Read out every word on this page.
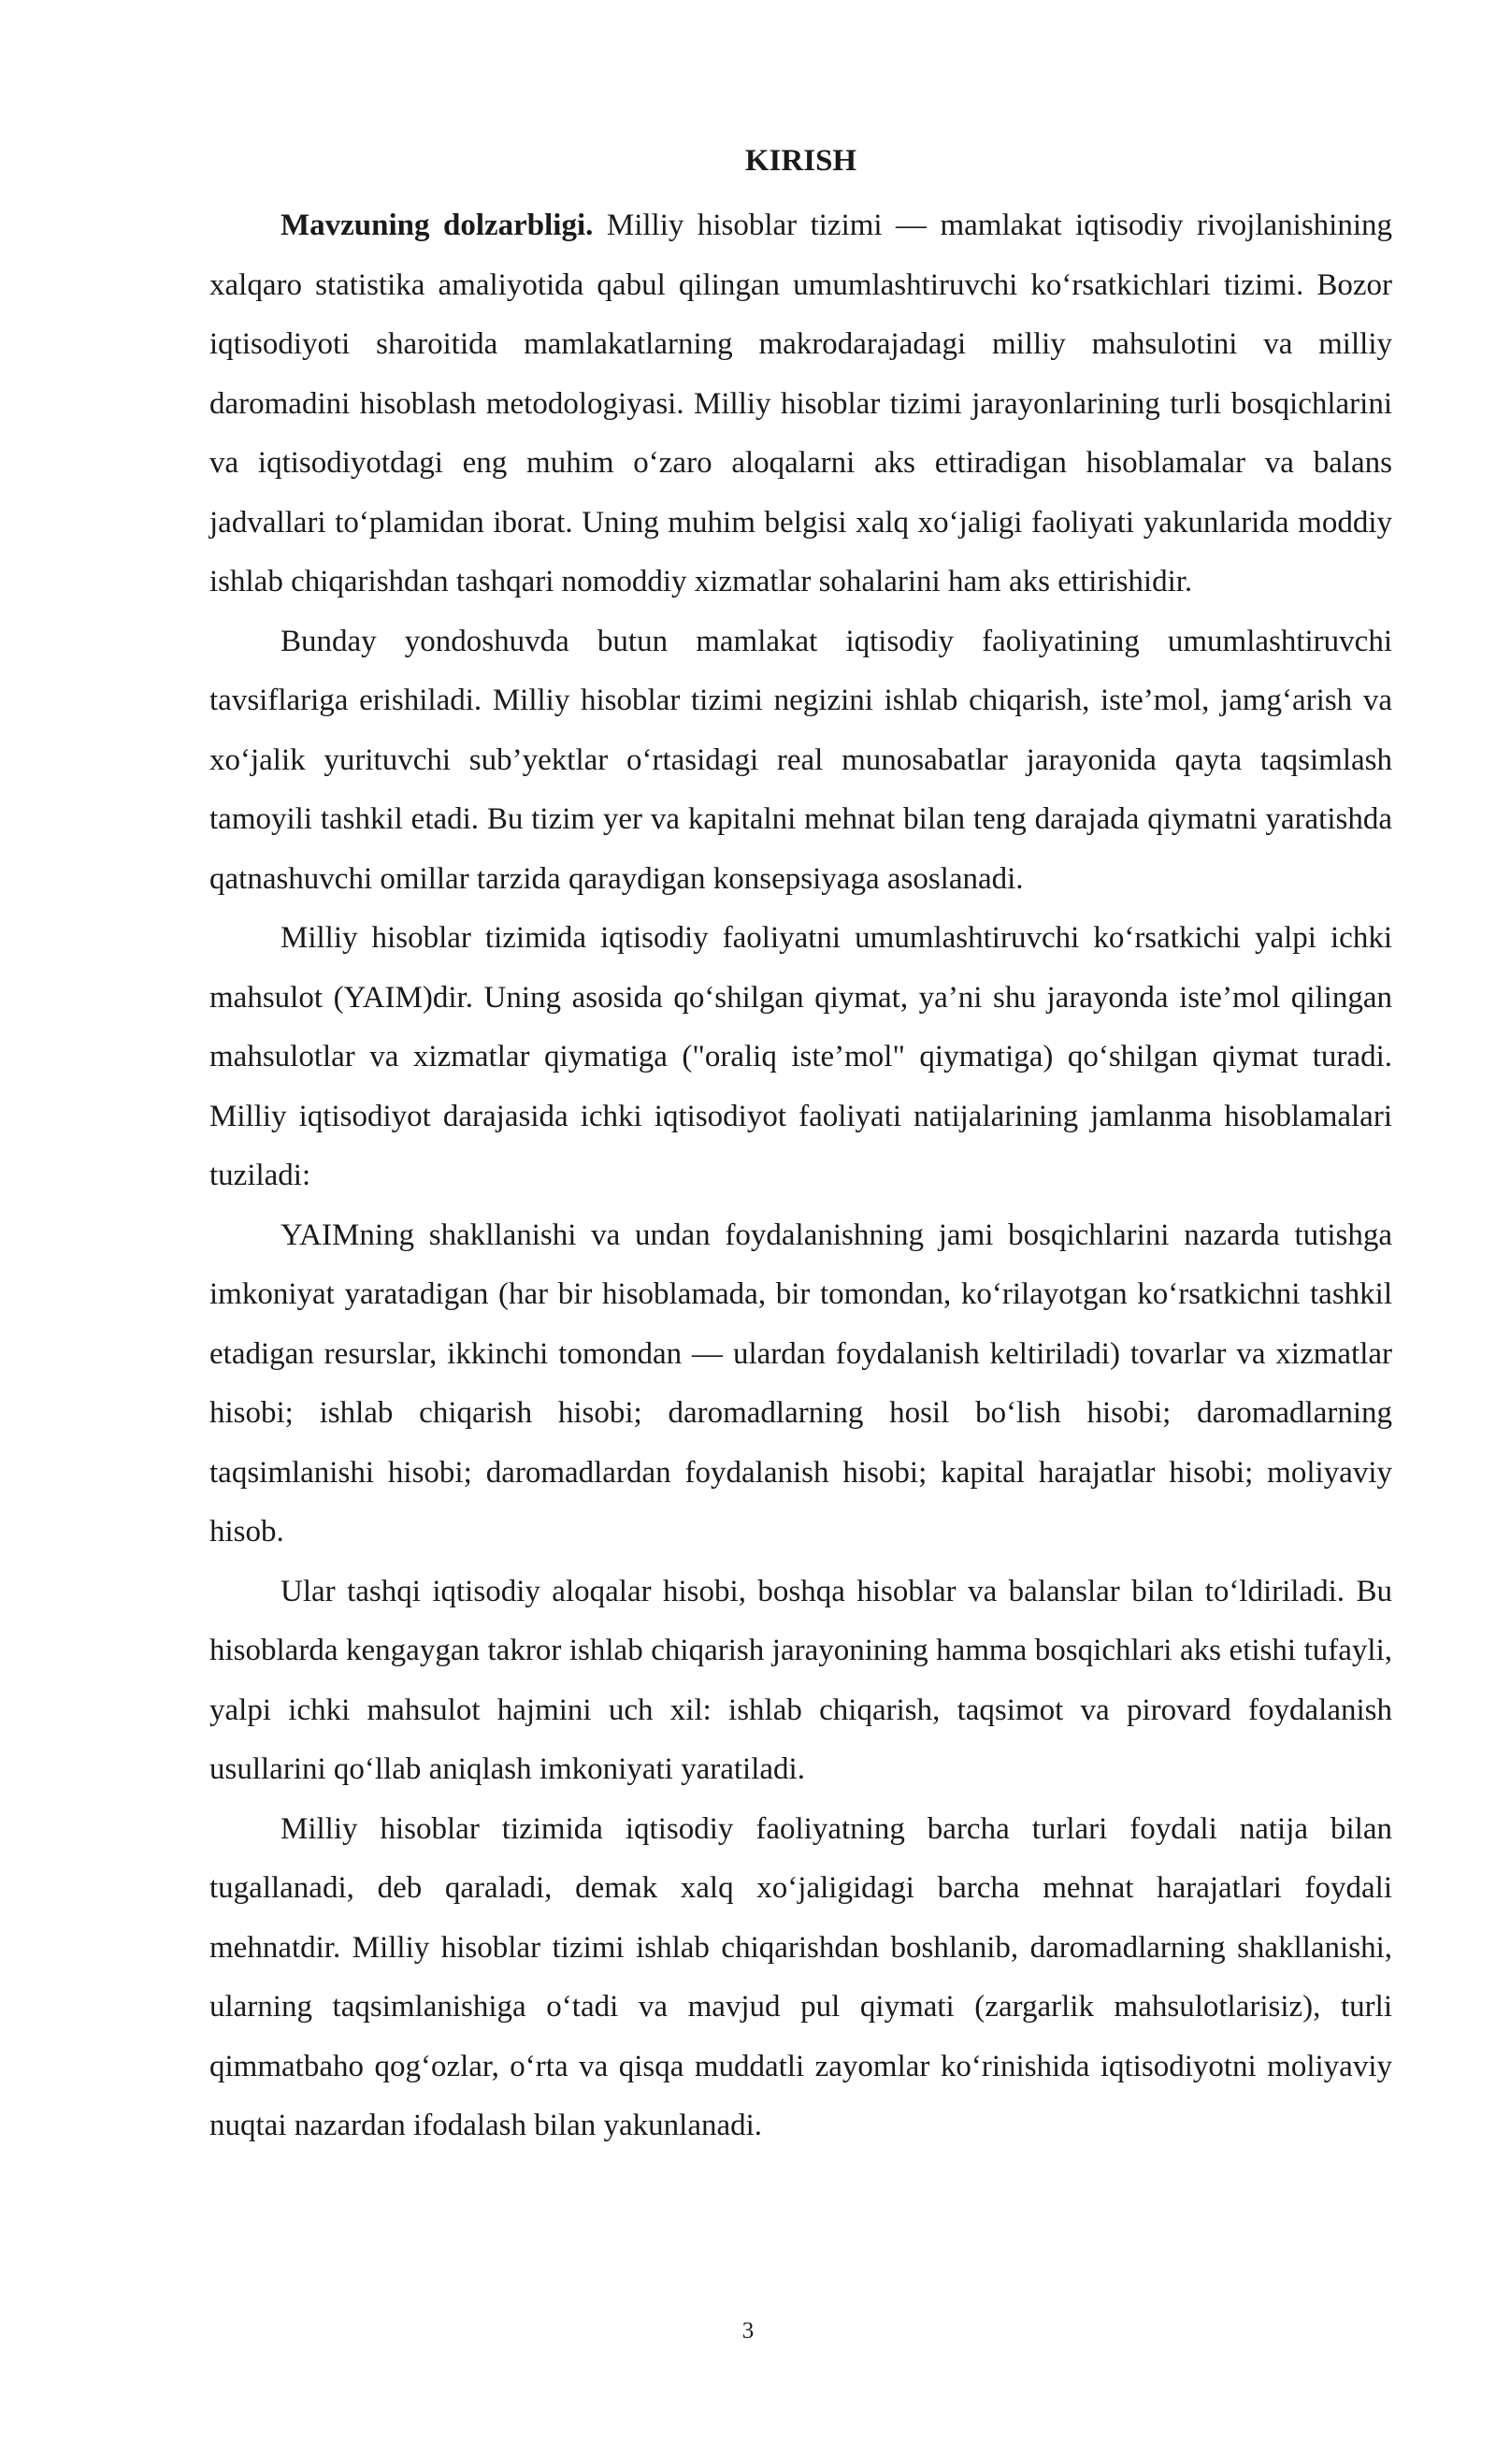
KIRISH

Mavzuning dolzarbligi. Milliy hisoblar tizimi — mamlakat iqtisodiy rivojlanishining xalqaro statistika amaliyotida qabul qilingan umumlashtiruvchi koʻrsatkichlari tizimi. Bozor iqtisodiyoti sharoitida mamlakatlarning makrodarajadagi milliy mahsulotini va milliy daromadini hisoblash metodologiyasi. Milliy hisoblar tizimi jarayonlarining turli bosqichlarini va iqtisodiyotdagi eng muhim oʻzaro aloqalarni aks ettiradigan hisoblamalar va balans jadvallari toʻplamidan iborat. Uning muhim belgisi xalq xoʻjaligi faoliyati yakunlarida moddiy ishlab chiqarishdan tashqari nomoddiy xizmatlar sohalarini ham aks ettirishidir.

Bunday yondoshuvda butun mamlakat iqtisodiy faoliyatining umumlashtiruvchi tavsiflariga erishiladi. Milliy hisoblar tizimi negizini ishlab chiqarish, iste’mol, jamgʻarish va xoʻjalik yurituvchi sub’yektlar oʻrtasidagi real munosabatlar jarayonida qayta taqsimlash tamoyili tashkil etadi. Bu tizim yer va kapitalni mehnat bilan teng darajada qiymatni yaratishda qatnashuvchi omillar tarzida qaraydigan konsepsiyaga asoslanadi.

Milliy hisoblar tizimida iqtisodiy faoliyatni umumlashtiruvchi koʻrsatkichi yalpi ichki mahsulot (YAIM)dir. Uning asosida qoʻshilgan qiymat, ya’ni shu jarayonda iste’mol qilingan mahsulotlar va xizmatlar qiymatiga ("oraliq iste’mol" qiymatiga) qoʻshilgan qiymat turadi. Milliy iqtisodiyot darajasida ichki iqtisodiyot faoliyati natijalarining jamlanma hisoblamalari tuziladi:

YAIMning shakllanishi va undan foydalanishning jami bosqichlarini nazarda tutishga imkoniyat yaratadigan (har bir hisoblamada, bir tomondan, koʻrilayotgan koʻrsatkichni tashkil etadigan resurslar, ikkinchi tomondan — ulardan foydalanish keltiriladi) tovarlar va xizmatlar hisobi; ishlab chiqarish hisobi; daromadlarning hosil boʻlish hisobi; daromadlarning taqsimlanishi hisobi; daromadlardan foydalanish hisobi; kapital harajatlar hisobi; moliyaviy hisob.

Ular tashqi iqtisodiy aloqalar hisobi, boshqa hisoblar va balanslar bilan toʻldiriladi. Bu hisoblarda kengaygan takror ishlab chiqarish jarayonining hamma bosqichlari aks etishi tufayli, yalpi ichki mahsulot hajmini uch xil: ishlab chiqarish, taqsimot va pirovard foydalanish usullarini qoʻllab aniqlash imkoniyati yaratiladi.

Milliy hisoblar tizimida iqtisodiy faoliyatning barcha turlari foydali natija bilan tugallanadi, deb qaraladi, demak xalq xoʻjaligidagi barcha mehnat harajatlari foydali mehnatdir. Milliy hisoblar tizimi ishlab chiqarishdan boshlanib, daromadlarning shakllanishi, ularning taqsimlanishiga oʻtadi va mavjud pul qiymati (zargarlik mahsulotlarisiz), turli qimmatbaho qogʻozlar, oʻrta va qisqa muddatli zayomlar koʻrinishida iqtisodiyotni moliyaviy nuqtai nazardan ifodalash bilan yakunlanadi.

3
